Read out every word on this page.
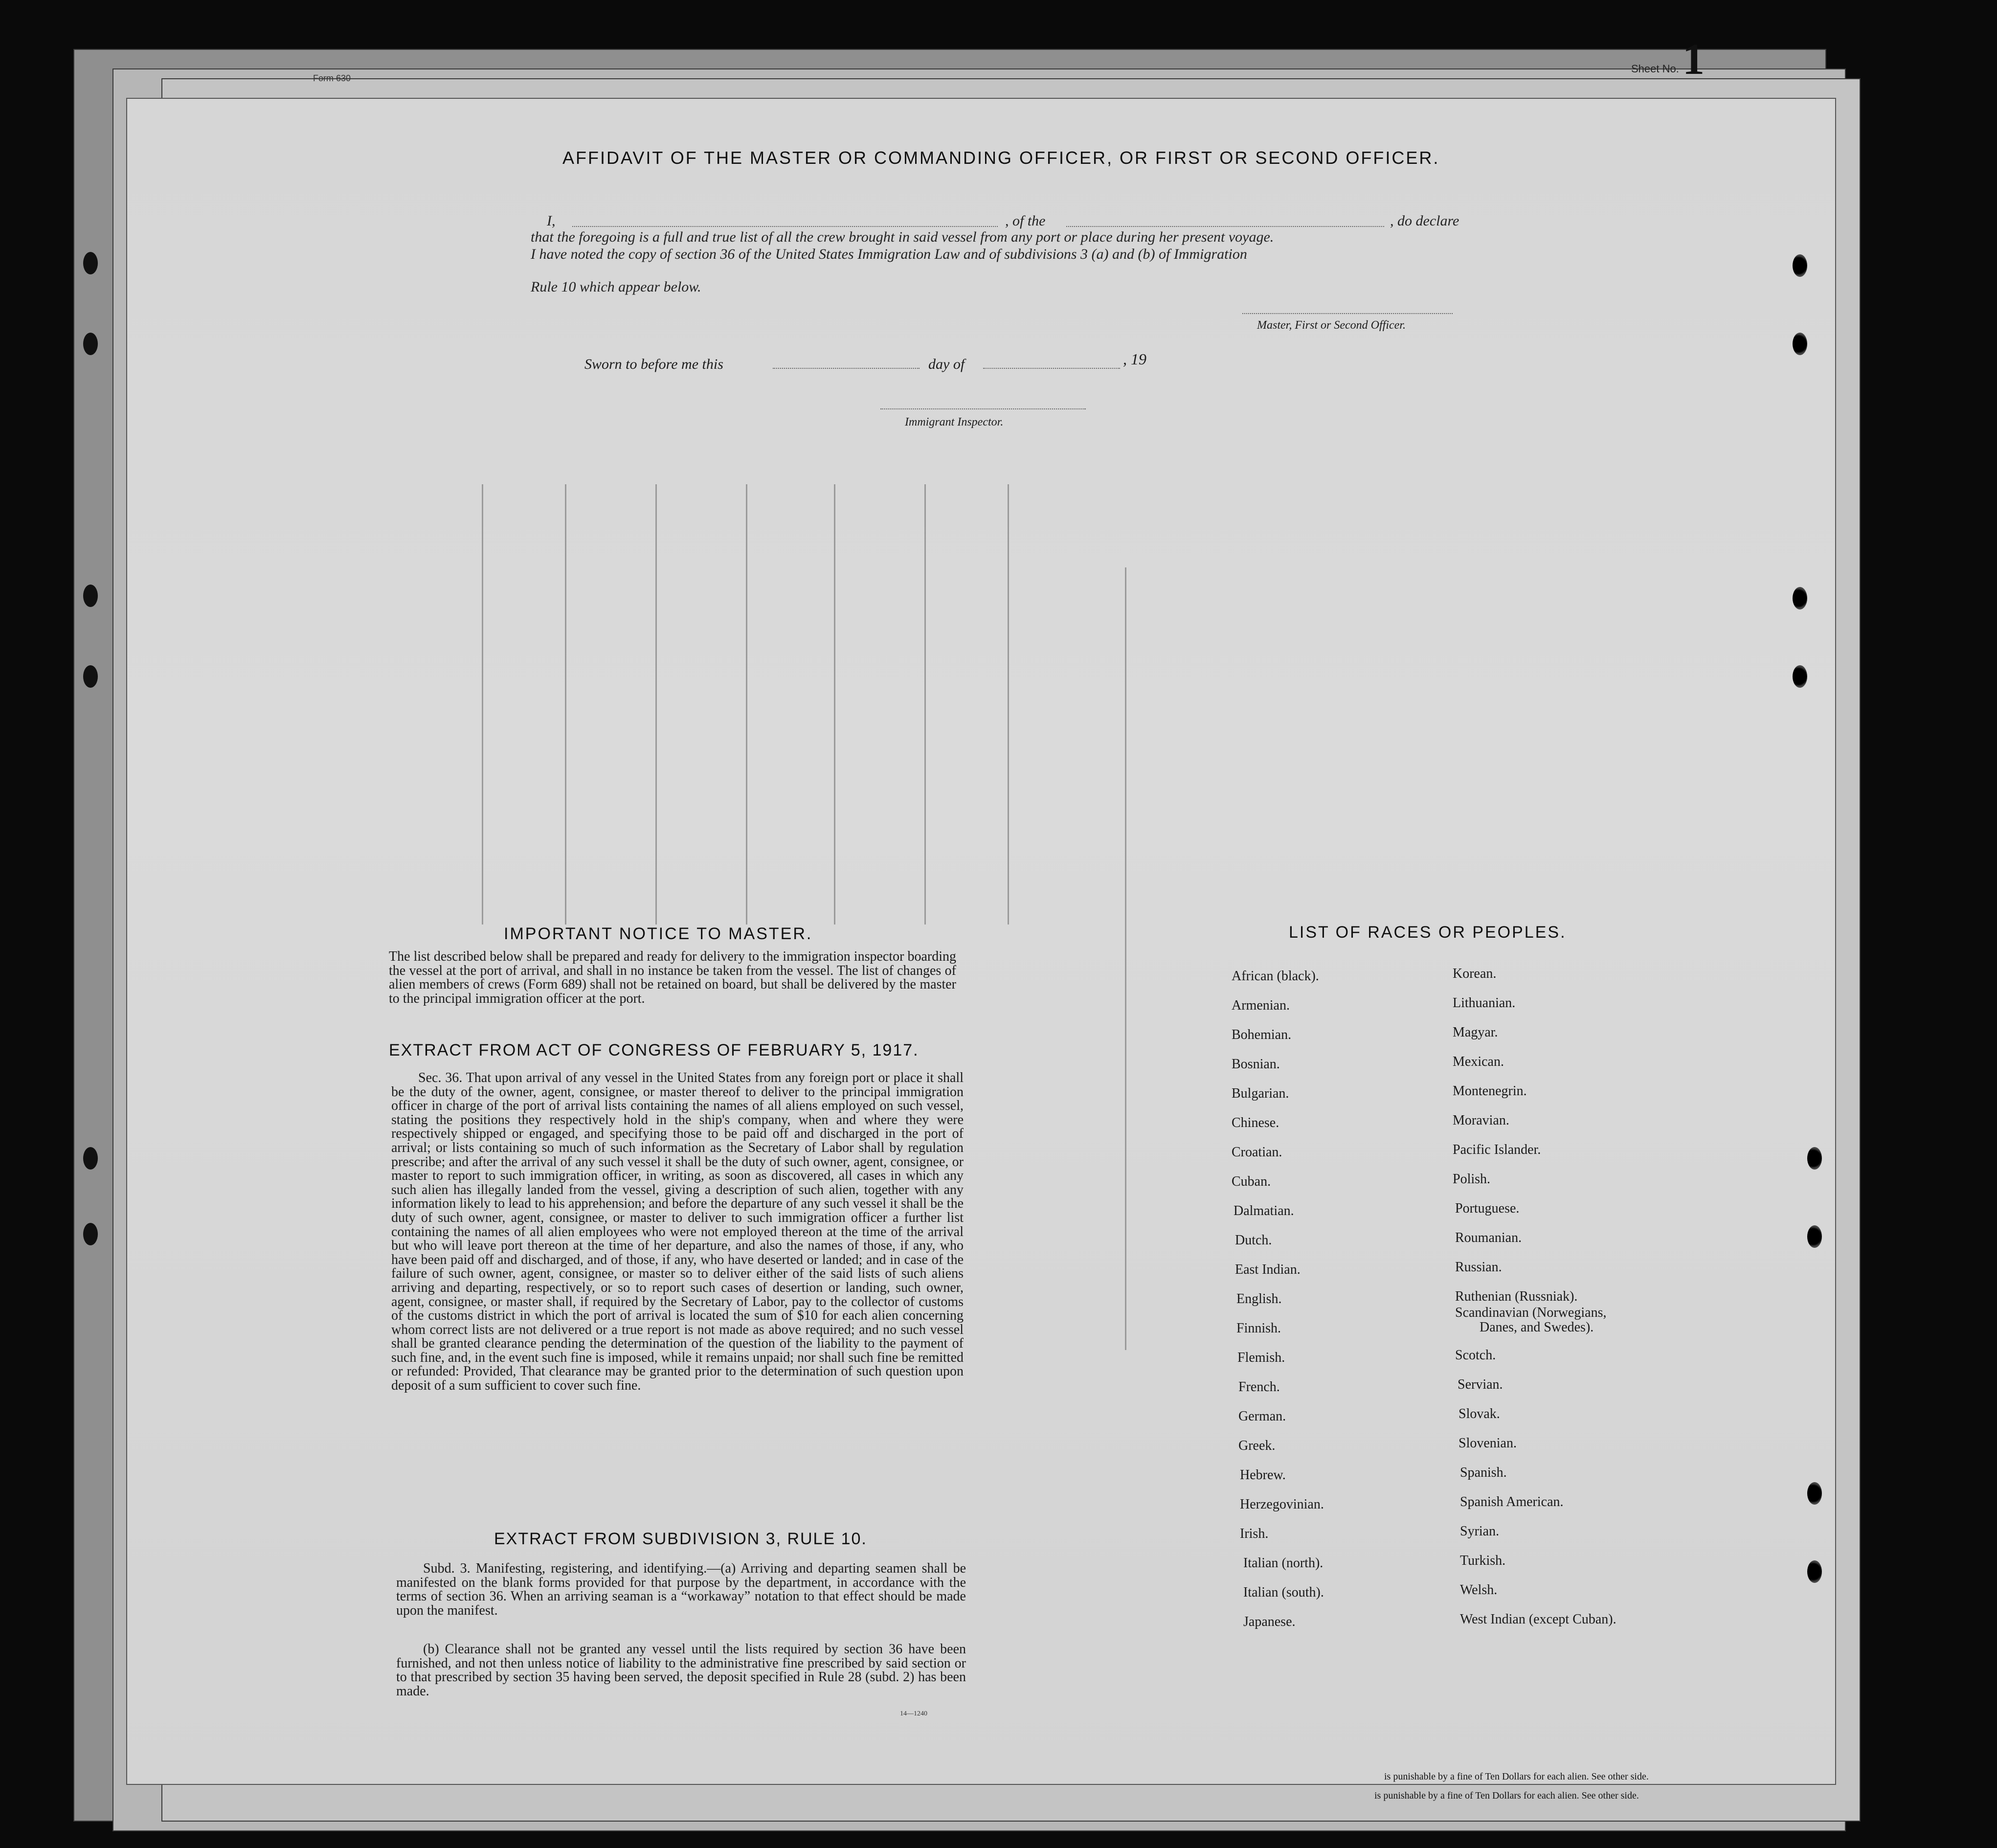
Sheet No. 1
Form 630
AFFIDAVIT OF THE MASTER OR COMMANDING OFFICER, OR FIRST OR SECOND OFFICER.
I,	, of the	, do declare
that the foregoing is a full and true list of all the crew brought in said vessel from any port or place during her present voyage.
I have noted the copy of section 36 of the United States Immigration Law and of subdivisions 3 (a) and (b) of Immigration
Rule 10 which appear below.
Master, First or Second Officer.
Sworn to before me this	day of	, 19
Immigrant Inspector.
IMPORTANT NOTICE TO MASTER.
The list described below shall be prepared and ready for delivery to the immigration inspector boarding the vessel at the port of arrival, and shall in no instance be taken from the vessel. The list of changes of alien members of crews (Form 689) shall not be retained on board, but shall be delivered by the master to the principal immigration officer at the port.
EXTRACT FROM ACT OF CONGRESS OF FEBRUARY 5, 1917.
Sec. 36. That upon arrival of any vessel in the United States from any foreign port or place it shall be the duty of the owner, agent, consignee, or master thereof to deliver to the principal immigration officer in charge of the port of arrival lists containing the names of all aliens employed on such vessel, stating the positions they respectively hold in the ship's company, when and where they were respectively shipped or engaged, and specifying those to be paid off and discharged in the port of arrival; or lists containing so much of such information as the Secretary of Labor shall by regulation prescribe; and after the arrival of any such vessel it shall be the duty of such owner, agent, consignee, or master to report to such immigration officer, in writing, as soon as discovered, all cases in which any such alien has illegally landed from the vessel, giving a description of such alien, together with any information likely to lead to his apprehension; and before the departure of any such vessel it shall be the duty of such owner, agent, consignee, or master to deliver to such immigration officer a further list containing the names of all alien employees who were not employed thereon at the time of the arrival but who will leave port thereon at the time of her departure, and also the names of those, if any, who have been paid off and discharged, and of those, if any, who have deserted or landed; and in case of the failure of such owner, agent, consignee, or master so to deliver either of the said lists of such aliens arriving and departing, respectively, or so to report such cases of desertion or landing, such owner, agent, consignee, or master shall, if required by the Secretary of Labor, pay to the collector of customs of the customs district in which the port of arrival is located the sum of $10 for each alien concerning whom correct lists are not delivered or a true report is not made as above required; and no such vessel shall be granted clearance pending the determination of the question of the liability to the payment of such fine, and, in the event such fine is imposed, while it remains unpaid; nor shall such fine be remitted or refunded: Provided, That clearance may be granted prior to the determination of such question upon deposit of a sum sufficient to cover such fine.
EXTRACT FROM SUBDIVISION 3, RULE 10.
Subd. 3. Manifesting, registering, and identifying.—(a) Arriving and departing seamen shall be manifested on the blank forms provided for that purpose by the department, in accordance with the terms of section 36. When an arriving seaman is a “workaway” notation to that effect should be made upon the manifest.
(b) Clearance shall not be granted any vessel until the lists required by section 36 have been furnished, and not then unless notice of liability to the administrative fine prescribed by said section or to that prescribed by section 35 having been served, the deposit specified in Rule 28 (subd. 2) has been made.
14—1240
LIST OF RACES OR PEOPLES.
African (black).
Armenian.
Bohemian.
Bosnian.
Bulgarian.
Chinese.
Croatian.
Cuban.
Dalmatian.
Dutch.
East Indian.
English.
Finnish.
Flemish.
French.
German.
Greek.
Hebrew.
Herzegovinian.
Irish.
Italian (north).
Italian (south).
Japanese.
Korean.
Lithuanian.
Magyar.
Mexican.
Montenegrin.
Moravian.
Pacific Islander.
Polish.
Portuguese.
Roumanian.
Russian.
Ruthenian (Russniak).
Scandinavian (Norwegians,
Danes, and Swedes).
Scotch.
Servian.
Slovak.
Slovenian.
Spanish.
Spanish American.
Syrian.
Turkish.
Welsh.
West Indian (except Cuban).
is punishable by a fine of Ten Dollars for each alien. See other side.
is punishable by a fine of Ten Dollars for each alien. See other side.
